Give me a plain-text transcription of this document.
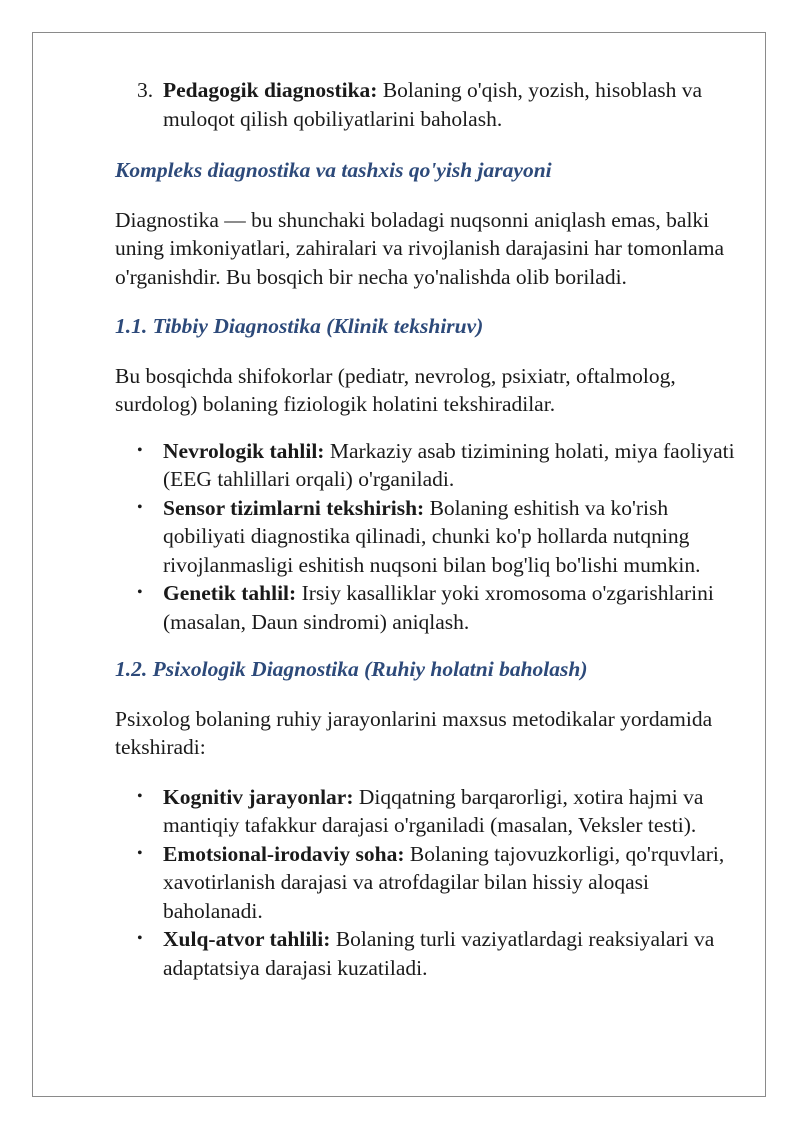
3. Pedagogik diagnostika: Bolaning o'qish, yozish, hisoblash va muloqot qilish qobiliyatlarini baholash.
Kompleks diagnostika va tashxis qo'yish jarayoni

Diagnostika — bu shunchaki boladagi nuqsonni aniqlash emas, balki uning imkoniyatlari, zahiralari va rivojlanish darajasini har tomonlama o'rganishdir. Bu bosqich bir necha yo'nalishda olib boriladi.

1.1. Tibbiy Diagnostika (Klinik tekshiruv)

Bu bosqichda shifokorlar (pediatr, nevrolog, psixiatr, oftalmolog, surdolog) bolaning fiziologik holatini tekshiradilar.

• Nevrologik tahlil: Markaziy asab tizimining holati, miya faoliyati (EEG tahlillari orqali) o'rganiladi.
• Sensor tizimlarni tekshirish: Bolaning eshitish va ko'rish qobiliyati diagnostika qilinadi, chunki ko'p hollarda nutqning rivojlanmasligi eshitish nuqsoni bilan bog'liq bo'lishi mumkin.
• Genetik tahlil: Irsiy kasalliklar yoki xromosoma o'zgarishlarini (masalan, Daun sindromi) aniqlash.
1.2. Psixologik Diagnostika (Ruhiy holatni baholash)

Psixolog bolaning ruhiy jarayonlarini maxsus metodikalar yordamida tekshiradi:

• Kognitiv jarayonlar: Diqqatning barqarorligi, xotira hajmi va mantiqiy tafakkur darajasi o'rganiladi (masalan, Veksler testi).
• Emotsional-irodaviy soha: Bolaning tajovuzkorligi, qo'rquvlari, xavotirlanish darajasi va atrofdagilar bilan hissiy aloqasi baholanadi.
• Xulq-atvor tahlili: Bolaning turli vaziyatlardagi reaksiyalari va adaptatsiya darajasi kuzatiladi.
